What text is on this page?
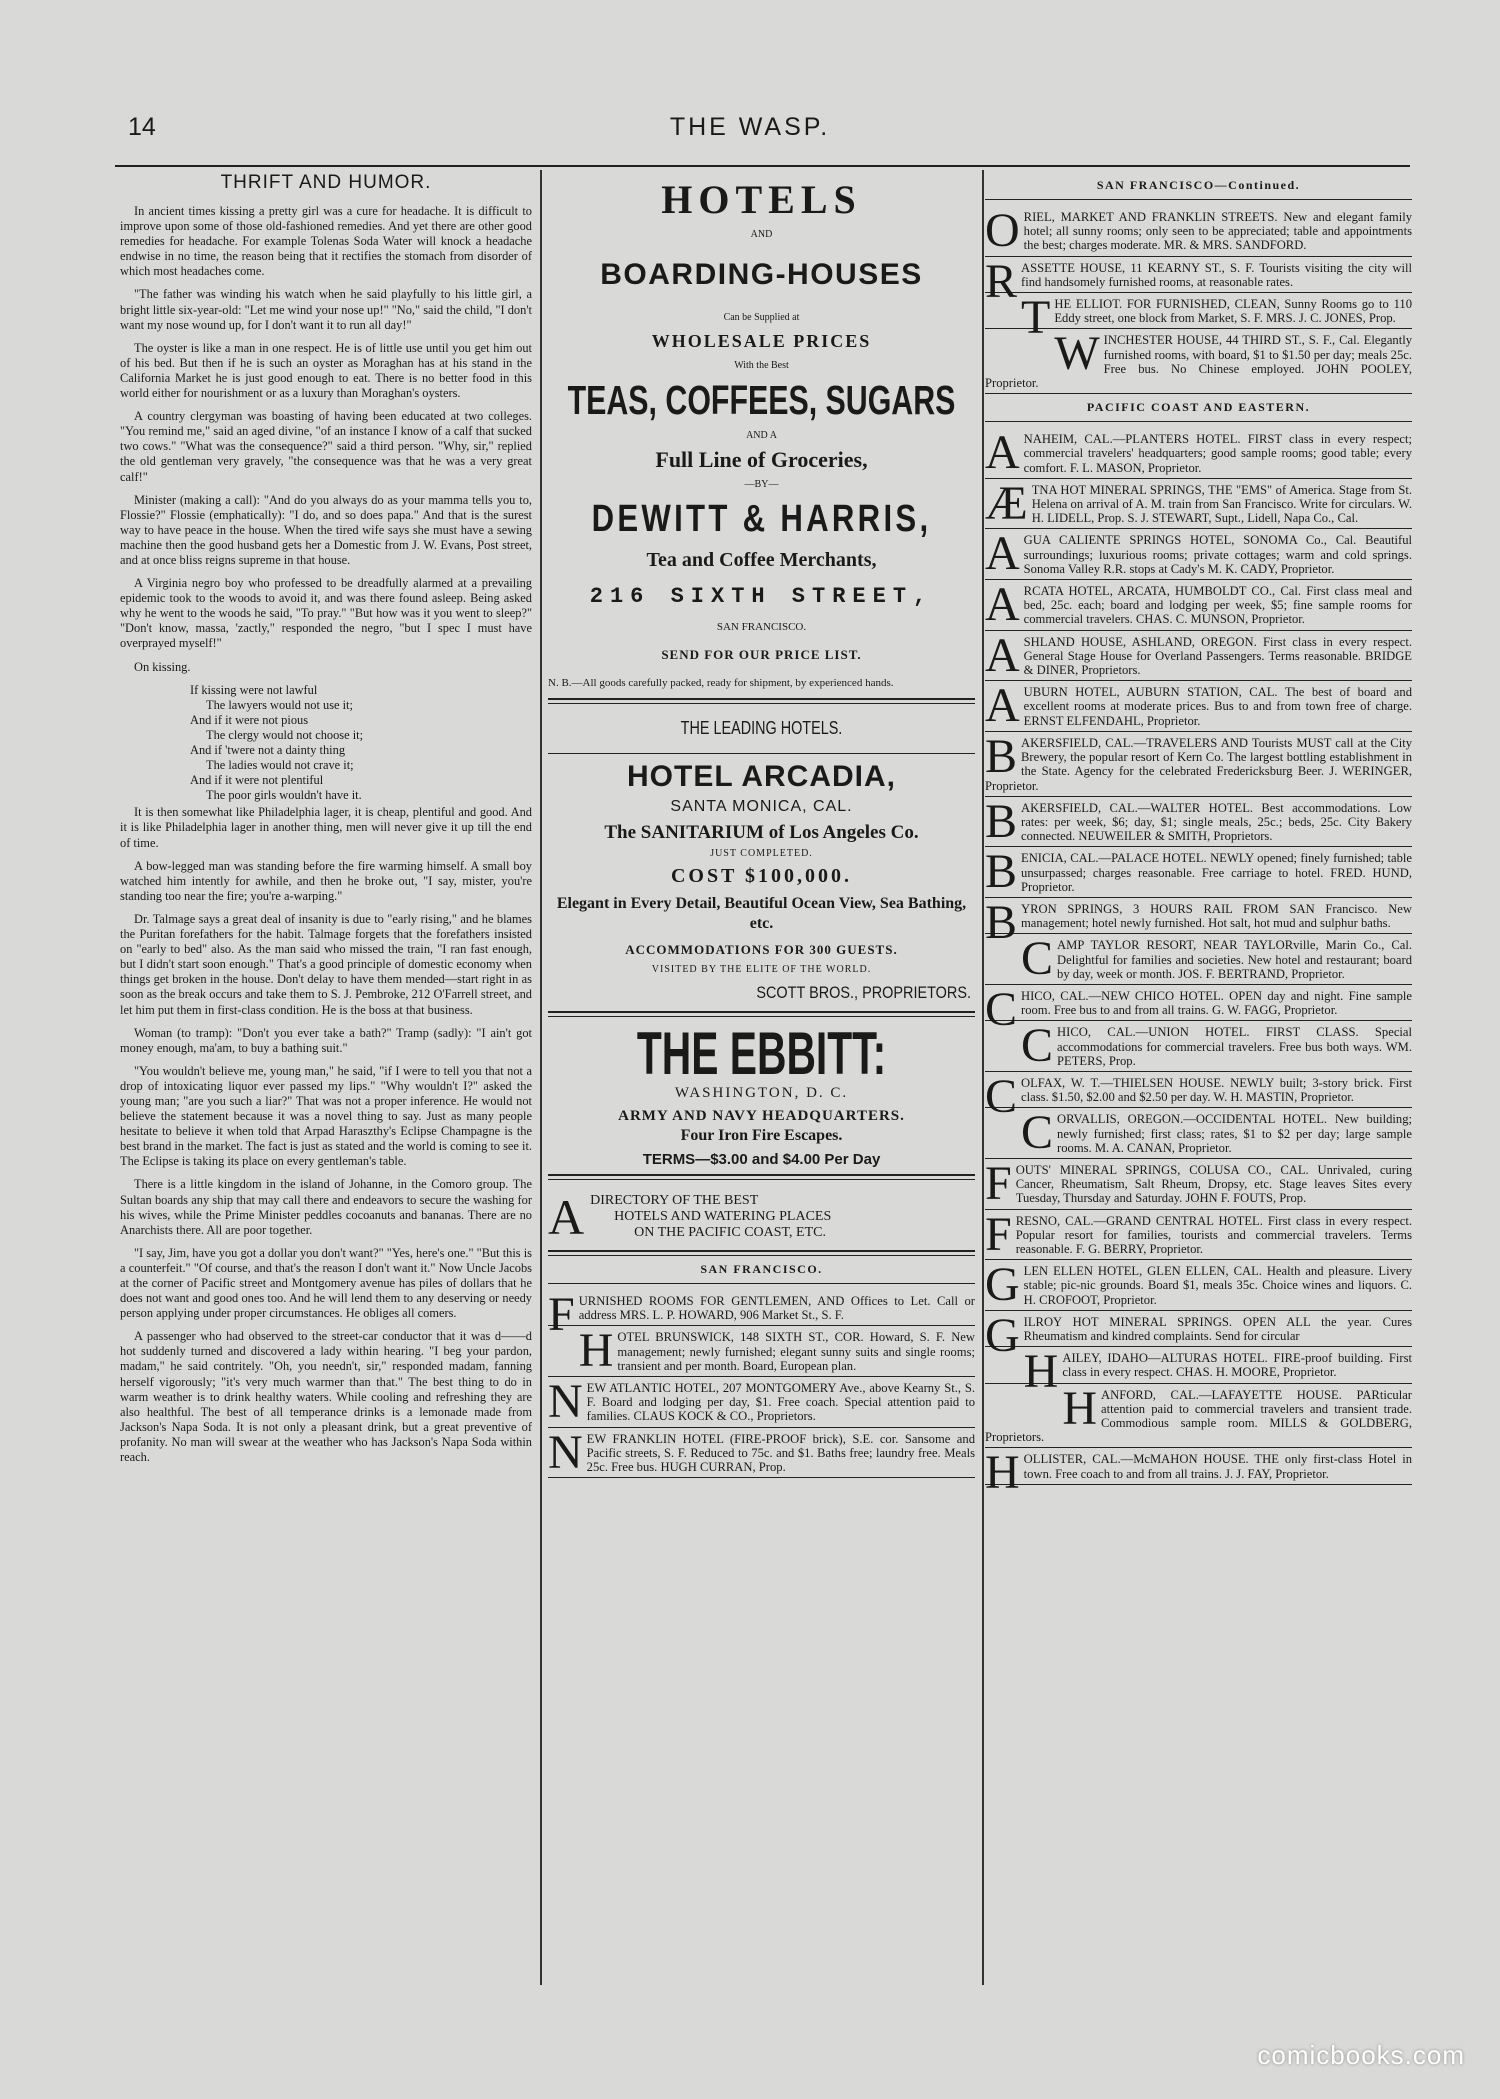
14	THE WASP.
THRIFT AND HUMOR.

In ancient times kissing a pretty girl was a cure for headache. It is difficult to improve upon some of those old-fashioned remedies. And yet there are other good remedies for headache. For example Tolenas Soda Water will knock a headache endwise in no time, the reason being that it rectifies the stomach from disorder of which most headaches come.

"The father was winding his watch when he said playfully to his little girl, a bright little six-year-old: "Let me wind your nose up!" "No," said the child, "I don't want my nose wound up, for I don't want it to run all day!"

The oyster is like a man in one respect. He is of little use until you get him out of his bed. But then if he is such an oyster as Moraghan has at his stand in the California Market he is just good enough to eat. There is no better food in this world either for nourishment or as a luxury than Moraghan's oysters.

A country clergyman was boasting of having been educated at two colleges. "You remind me," said an aged divine, "of an instance I know of a calf that sucked two cows." "What was the consequence?" said a third person. "Why, sir," replied the old gentleman very gravely, "the consequence was that he was a very great calf!"

Minister (making a call): "And do you always do as your mamma tells you to, Flossie?" Flossie (emphatically): "I do, and so does papa." And that is the surest way to have peace in the house. When the tired wife says she must have a sewing machine then the good husband gets her a Domestic from J. W. Evans, Post street, and at once bliss reigns supreme in that house.

A Virginia negro boy who professed to be dreadfully alarmed at a prevailing epidemic took to the woods to avoid it, and was there found asleep. Being asked why he went to the woods he said, "To pray." "But how was it you went to sleep?" "Don't know, massa, 'zactly," responded the negro, "but I spec I must have overprayed myself!"

On kissing.

If kissing were not lawful
The lawyers would not use it;
And if it were not pious
The clergy would not choose it;
And if 'twere not a dainty thing
The ladies would not crave it;
And if it were not plentiful
The poor girls wouldn't have it.

It is then somewhat like Philadelphia lager, it is cheap, plentiful and good. And it is like Philadelphia lager in another thing, men will never give it up till the end of time.

A bow-legged man was standing before the fire warming himself. A small boy watched him intently for awhile, and then he broke out, "I say, mister, you're standing too near the fire; you're a-warping."

Dr. Talmage says a great deal of insanity is due to "early rising," and he blames the Puritan forefathers for the habit. Talmage forgets that the forefathers insisted on "early to bed" also. As the man said who missed the train, "I ran fast enough, but I didn't start soon enough." That's a good principle of domestic economy when things get broken in the house. Don't delay to have them mended—start right in as soon as the break occurs and take them to S. J. Pembroke, 212 O'Farrell street, and let him put them in first-class condition. He is the boss at that business.

Woman (to tramp): "Don't you ever take a bath?" Tramp (sadly): "I ain't got money enough, ma'am, to buy a bathing suit."

"You wouldn't believe me, young man," he said, "if I were to tell you that not a drop of intoxicating liquor ever passed my lips." "Why wouldn't I?" asked the young man; "are you such a liar?" That was not a proper inference. He would not believe the statement because it was a novel thing to say. Just as many people hesitate to believe it when told that Arpad Haraszthy's Eclipse Champagne is the best brand in the market. The fact is just as stated and the world is coming to see it. The Eclipse is taking its place on every gentleman's table.

There is a little kingdom in the island of Johanne, in the Comoro group. The Sultan boards any ship that may call there and endeavors to secure the washing for his wives, while the Prime Minister peddles cocoanuts and bananas. There are no Anarchists there. All are poor together.

"I say, Jim, have you got a dollar you don't want?" "Yes, here's one." "But this is a counterfeit." "Of course, and that's the reason I don't want it." Now Uncle Jacobs at the corner of Pacific street and Montgomery avenue has piles of dollars that he does not want and good ones too. And he will lend them to any deserving or needy person applying under proper circumstances. He obliges all comers.

A passenger who had observed to the street-car conductor that it was d——d hot suddenly turned and discovered a lady within hearing. "I beg your pardon, madam," he said contritely. "Oh, you needn't, sir," responded madam, fanning herself vigorously; "it's very much warmer than that." The best thing to do in warm weather is to drink healthy waters. While cooling and refreshing they are also healthful. The best of all temperance drinks is a lemonade made from Jackson's Napa Soda. It is not only a pleasant drink, but a great preventive of profanity. No man will swear at the weather who has Jackson's Napa Soda within reach.

HOTELS
AND
BOARDING-HOUSES
Can be Supplied at
WHOLESALE PRICES
With the Best
TEAS, COFFEES, SUGARS
AND A
Full Line of Groceries,
—BY—
DEWITT & HARRIS,
Tea and Coffee Merchants,
216 SIXTH STREET,
SAN FRANCISCO.
SEND FOR OUR PRICE LIST.
N. B.—All goods carefully packed, ready for shipment, by experienced hands.
THE LEADING HOTELS.
HOTEL ARCADIA,
SANTA MONICA, CAL.
The SANITARIUM of Los Angeles Co.
JUST COMPLETED.
COST $100,000.
Elegant in Every Detail, Beautiful Ocean View, Sea Bathing, etc.
ACCOMMODATIONS FOR 300 GUESTS.
VISITED BY THE ELITE OF THE WORLD.
SCOTT BROS., PROPRIETORS.
THE EBBITT:
WASHINGTON, D. C.
ARMY AND NAVY HEADQUARTERS.
Four Iron Fire Escapes.
TERMS—$3.00 and $4.00 Per Day
A DIRECTORY OF THE BEST
HOTELS AND WATERING PLACES
ON THE PACIFIC COAST, ETC.
SAN FRANCISCO.
FURNISHED ROOMS FOR GENTLEMEN, AND Offices to Let. Call or address MRS. L. P. HOWARD, 906 Market St., S. F.
HOTEL BRUNSWICK, 148 SIXTH ST., COR. Howard, S. F. New management; newly furnished; elegant sunny suits and single rooms; transient and per month. Board, European plan.
NEW ATLANTIC HOTEL, 207 MONTGOMERY Ave., above Kearny St., S. F. Board and lodging per day, $1. Free coach. Special attention paid to families. CLAUS KOCK & CO., Proprietors.
NEW FRANKLIN HOTEL (FIRE-PROOF brick), S.E. cor. Sansome and Pacific streets, S. F. Reduced to 75c. and $1. Baths free; laundry free. Meals 25c. Free bus. HUGH CURRAN, Prop.
SAN FRANCISCO—Continued.
ORIEL, MARKET AND FRANKLIN STREETS. New and elegant family hotel; all sunny rooms; only seen to be appreciated; table and appointments the best; charges moderate. MR. & MRS. SANDFORD.
RASSETTE HOUSE, 11 KEARNY ST., S. F. Tourists visiting the city will find handsomely furnished rooms, at reasonable rates.
THE ELLIOT. FOR FURNISHED, CLEAN, Sunny Rooms go to 110 Eddy street, one block from Market, S. F. MRS. J. C. JONES, Prop.
WINCHESTER HOUSE, 44 THIRD ST., S. F., Cal. Elegantly furnished rooms, with board, $1 to $1.50 per day; meals 25c. Free bus. No Chinese employed. JOHN POOLEY, Proprietor.
PACIFIC COAST AND EASTERN.
ANAHEIM, CAL.—PLANTERS HOTEL. FIRST class in every respect; commercial travelers' headquarters; good sample rooms; good table; every comfort. F. L. MASON, Proprietor.
ÆTNA HOT MINERAL SPRINGS, THE "EMS" of America. Stage from St. Helena on arrival of A. M. train from San Francisco. Write for circulars. W. H. LIDELL, Prop. S. J. STEWART, Supt., Lidell, Napa Co., Cal.
AGUA CALIENTE SPRINGS HOTEL, SONOMA Co., Cal. Beautiful surroundings; luxurious rooms; private cottages; warm and cold springs. Sonoma Valley R.R. stops at Cady's M. K. CADY, Proprietor.
ARCATA HOTEL, ARCATA, HUMBOLDT CO., Cal. First class meal and bed, 25c. each; board and lodging per week, $5; fine sample rooms for commercial travelers. CHAS. C. MUNSON, Proprietor.
ASHLAND HOUSE, ASHLAND, OREGON. First class in every respect. General Stage House for Overland Passengers. Terms reasonable. BRIDGE & DINER, Proprietors.
AUBURN HOTEL, AUBURN STATION, CAL. The best of board and excellent rooms at moderate prices. Bus to and from town free of charge. ERNST ELFENDAHL, Proprietor.
BAKERSFIELD, CAL.—TRAVELERS AND Tourists MUST call at the City Brewery, the popular resort of Kern Co. The largest bottling establishment in the State. Agency for the celebrated Fredericksburg Beer. J. WERINGER, Proprietor.
BAKERSFIELD, CAL.—WALTER HOTEL. Best accommodations. Low rates: per week, $6; day, $1; single meals, 25c.; beds, 25c. City Bakery connected. NEUWEILER & SMITH, Proprietors.
BENICIA, CAL.—PALACE HOTEL. NEWLY opened; finely furnished; table unsurpassed; charges reasonable. Free carriage to hotel. FRED. HUND, Proprietor.
BYRON SPRINGS, 3 HOURS RAIL FROM SAN Francisco. New management; hotel newly furnished. Hot salt, hot mud and sulphur baths.
CAMP TAYLOR RESORT, NEAR TAYLORville, Marin Co., Cal. Delightful for families and societies. New hotel and restaurant; board by day, week or month. JOS. F. BERTRAND, Proprietor.
CHICO, CAL.—NEW CHICO HOTEL. OPEN day and night. Fine sample room. Free bus to and from all trains. G. W. FAGG, Proprietor.
CHICO, CAL.—UNION HOTEL. FIRST CLASS. Special accommodations for commercial travelers. Free bus both ways. WM. PETERS, Prop.
COLFAX, W. T.—THIELSEN HOUSE. NEWLY built; 3-story brick. First class. $1.50, $2.00 and $2.50 per day. W. H. MASTIN, Proprietor.
CORVALLIS, OREGON.—OCCIDENTAL HOTEL. New building; newly furnished; first class; rates, $1 to $2 per day; large sample rooms. M. A. CANAN, Proprietor.
FOUTS' MINERAL SPRINGS, COLUSA CO., CAL. Unrivaled, curing Cancer, Rheumatism, Salt Rheum, Dropsy, etc. Stage leaves Sites every Tuesday, Thursday and Saturday. JOHN F. FOUTS, Prop.
FRESNO, CAL.—GRAND CENTRAL HOTEL. First class in every respect. Popular resort for families, tourists and commercial travelers. Terms reasonable. F. G. BERRY, Proprietor.
GLEN ELLEN HOTEL, GLEN ELLEN, CAL. Health and pleasure. Livery stable; pic-nic grounds. Board $1, meals 35c. Choice wines and liquors. C. H. CROFOOT, Proprietor.
GILROY HOT MINERAL SPRINGS. OPEN ALL the year. Cures Rheumatism and kindred complaints. Send for circular
HAILEY, IDAHO—ALTURAS HOTEL. FIRE-proof building. First class in every respect. CHAS. H. MOORE, Proprietor.
HANFORD, CAL.—LAFAYETTE HOUSE. PARticular attention paid to commercial travelers and transient trade. Commodious sample room. MILLS & GOLDBERG, Proprietors.
HOLLISTER, CAL.—McMAHON HOUSE. THE only first-class Hotel in town. Free coach to and from all trains. J. J. FAY, Proprietor.
comicbooks.com
